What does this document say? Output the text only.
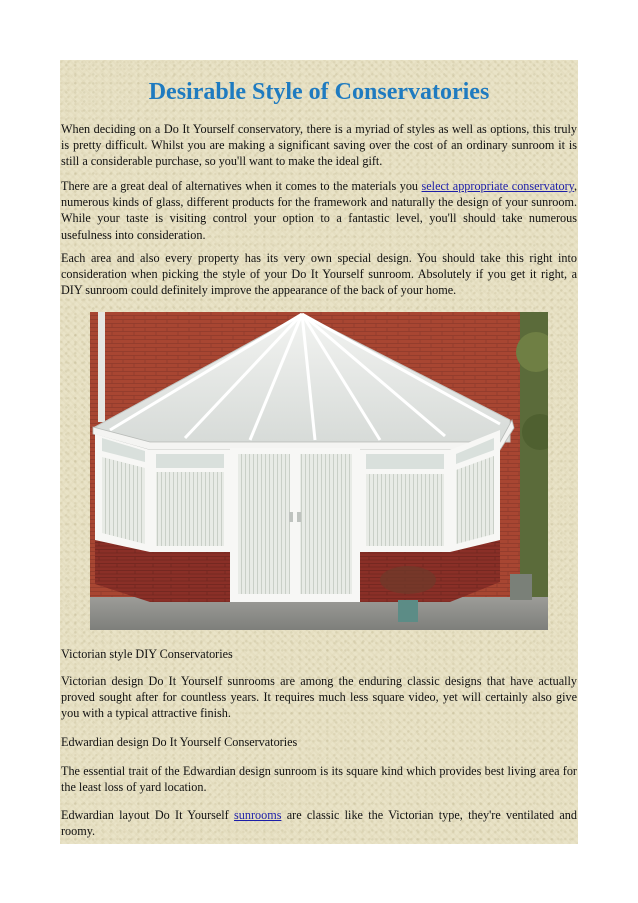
Desirable Style of Conservatories

When deciding on a Do It Yourself conservatory, there is a myriad of styles as well as options, this truly is pretty difficult. Whilst you are making a significant saving over the cost of an ordinary sunroom it is still a considerable purchase, so you'll want to make the ideal gift.

There are a great deal of alternatives when it comes to the materials you select appropriate conservatory, numerous kinds of glass, different products for the framework and naturally the design of your sunroom. While your taste is visiting control your option to a fantastic level, you'll should take numerous usefulness into consideration.

Each area and also every property has its very own special design. You should take this right into consideration when picking the style of your Do It Yourself sunroom. Absolutely if you get it right, a DIY sunroom could definitely improve the appearance of the back of your home.

Victorian style DIY Conservatories

Victorian design Do It Yourself sunrooms are among the enduring classic designs that have actually proved sought after for countless years. It requires much less square video, yet will certainly also give you with a typical attractive finish.

Edwardian design Do It Yourself Conservatories

The essential trait of the Edwardian design sunroom is its square kind which provides best living area for the least loss of yard location.

Edwardian layout Do It Yourself sunrooms are classic like the Victorian type, they're ventilated and roomy.
